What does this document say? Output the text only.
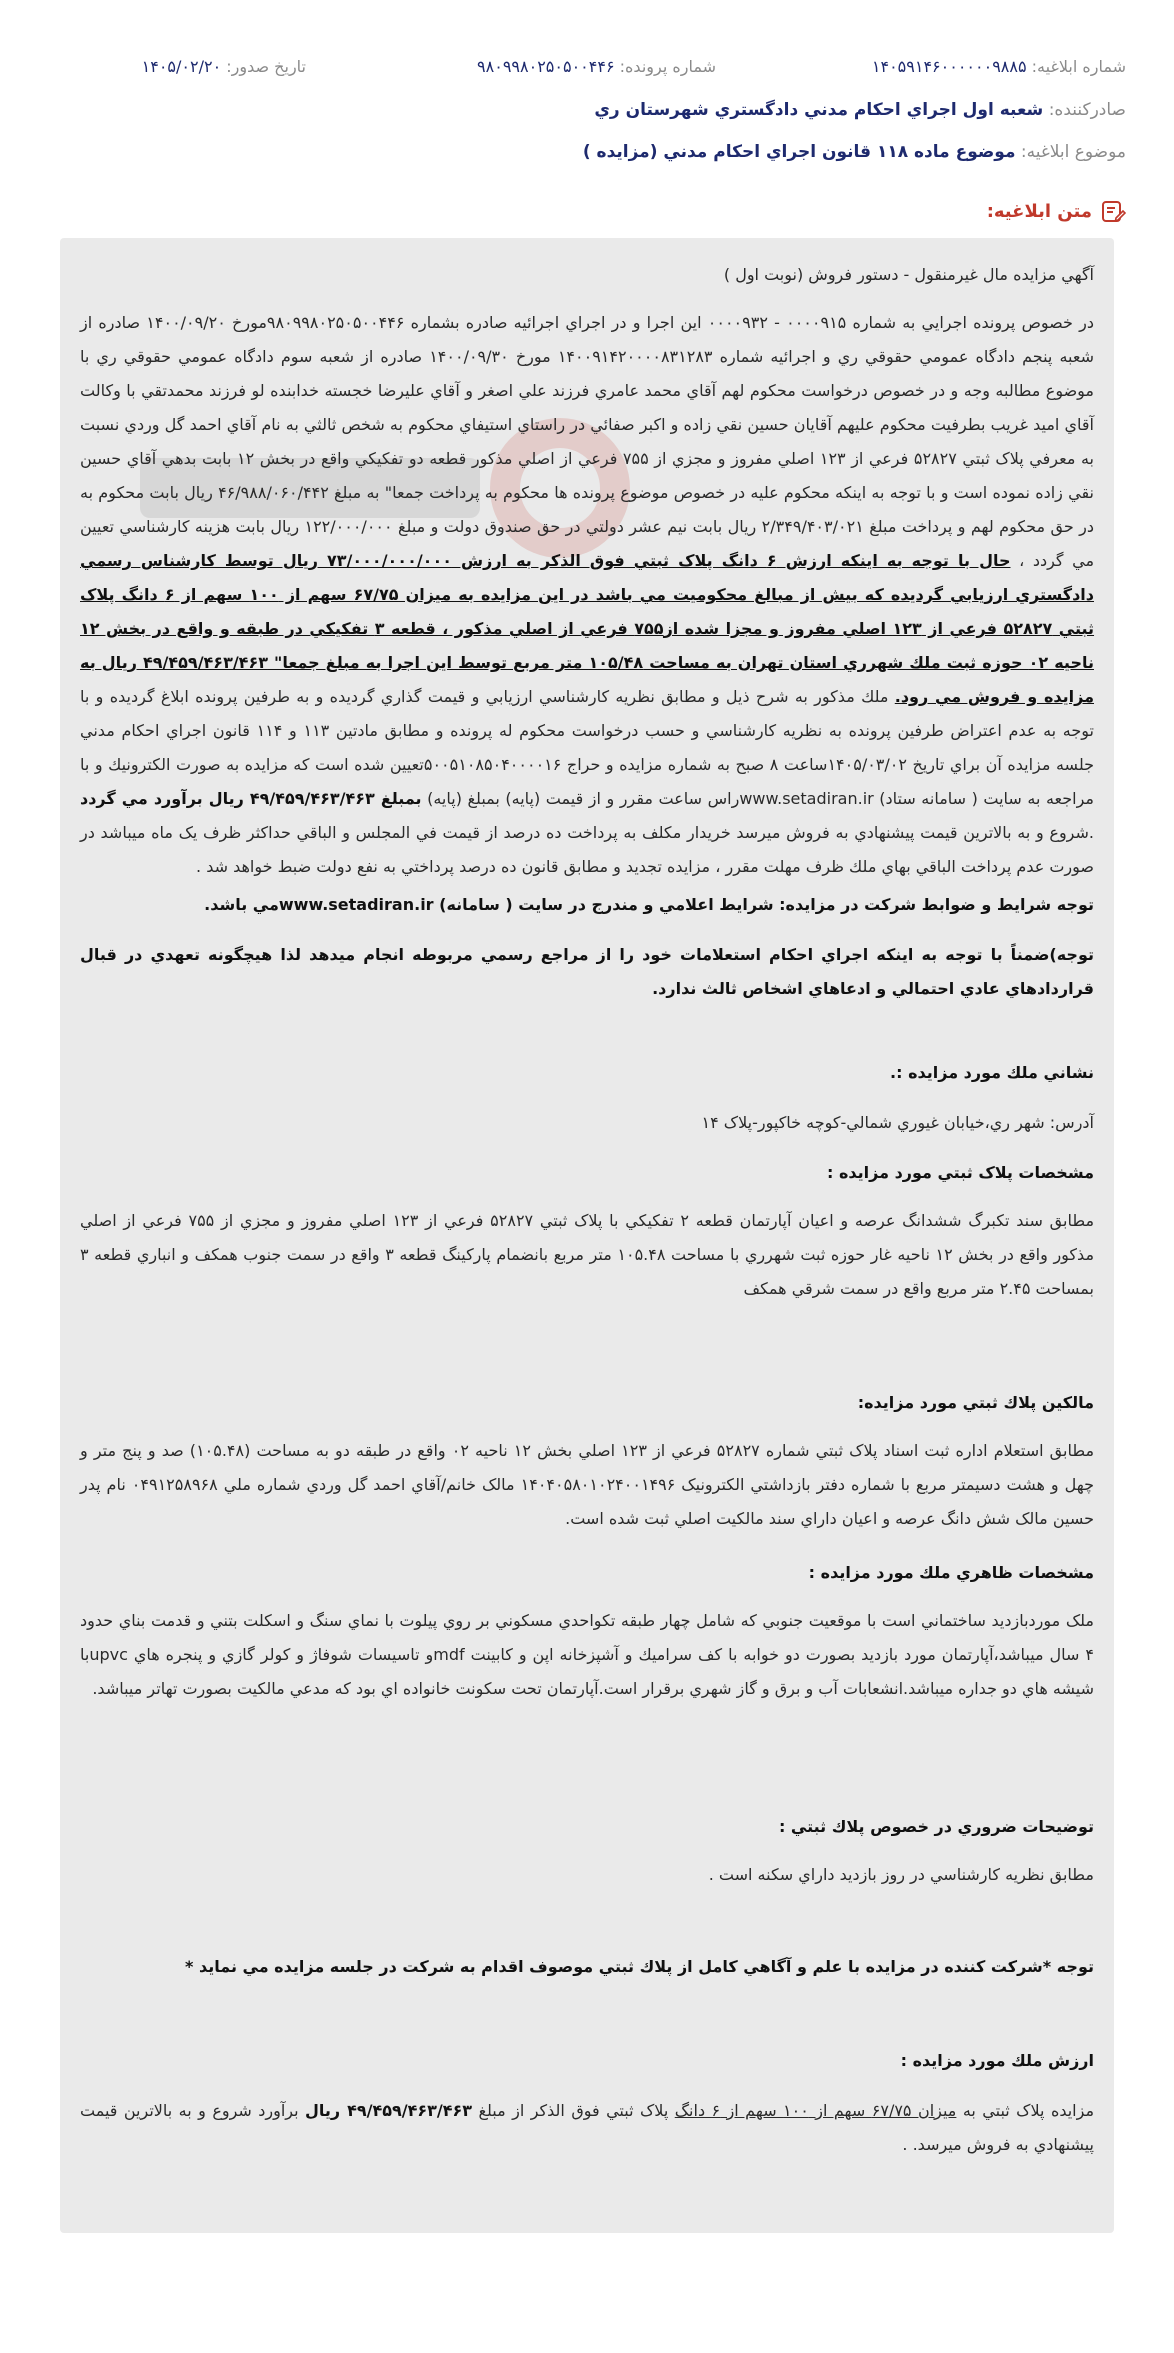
شماره ابلاغيه: ۱۴۰۵۹۱۴۶۰۰۰۰۰۰۹۸۸۵
شماره پرونده: ۹۸۰۹۹۸۰۲۵۰۵۰۰۴۴۶
تاريخ صدور: ۱۴۰۵/۰۲/۲۰
صادرکننده: شعبه اول اجراي احكام مدني دادگستري شهرستان ري
موضوع ابلاغيه: موضوع ماده ۱۱۸ قانون اجراي احكام مدني (مزايده )
متن ابلاغيه:

آگهي مزايده مال غيرمنقول - دستور فروش (نوبت اول )

در خصوص پرونده اجرايي به شماره ۰۰۰۰۹۱۵ - ۰۰۰۰۹۳۲ اين اجرا و در اجراي اجرائيه صادره بشماره ۹۸۰۹۹۸۰۲۵۰۵۰۰۴۴۶مورخ ۱۴۰۰/۰۹/۲۰ صادره از شعبه پنجم دادگاه عمومي حقوقي ري و اجرائيه شماره ۱۴۰۰۹۱۴۲۰۰۰۰۸۳۱۲۸۳ مورخ ۱۴۰۰/۰۹/۳۰ صادره از شعبه سوم دادگاه عمومي حقوقي ري با موضوع مطالبه وجه و در خصوص درخواست محكوم لهم آقاي محمد عامري فرزند علي اصغر و آقاي عليرضا خجسته خدابنده لو فرزند محمدتقي با وكالت آقاي اميد غريب بطرفيت محكوم عليهم آقايان حسين نقي زاده و اكبر صفائي در راستاي استيفاي محكوم به شخص ثالثي به نام آقاي احمد گل وردي نسبت به معرفي پلاک ثبتي ۵۲۸۲۷ فرعي از ۱۲۳ اصلي مفروز و مجزي از ۷۵۵ فرعي از اصلي مذکور قطعه دو تفکيکي واقع در بخش ۱۲ بابت بدهي آقاي حسين نقي زاده نموده است و با توجه به اينكه محكوم عليه در خصوص موضوع پرونده ها محكوم به پرداخت جمعا" به مبلغ ۴۶/۹۸۸/۰۶۰/۴۴۲ ريال بابت محكوم به در حق محكوم لهم و پرداخت مبلغ ۲/۳۴۹/۴۰۳/۰۲۱ ريال بابت نيم عشر دولتي در حق صندوق دولت و مبلغ ۱۲۲/۰۰۰/۰۰۰ ريال بابت هزينه كارشناسي تعيين مي گردد ، حال با توجه به اينكه ارزش ۶ دانگ پلاک ثبتي فوق الذکر به ارزش ۷۳/۰۰۰/۰۰۰/۰۰۰ ريال توسط كارشناس رسمي دادگستري ارزيابي گرديده که بيش از مبالغ محکوميت مي باشد در اين مزايده به ميزان ۶۷/۷۵ سهم از ۱۰۰ سهم از ۶ دانگ پلاک ثبتي ۵۲۸۲۷ فرعي از ۱۲۳ اصلي مفروز و مجزا شده از۷۵۵ فرعي از اصلي مذکور ، قطعه ۳ تفکيکي در طبقه و واقع در بخش ۱۲ ناحيه ۰۲ حوزه ثبت ملك شهرري استان تهران به مساحت ۱۰۵/۴۸ متر مربع توسط اين اجرا به مبلغ جمعا" ۴۹/۴۵۹/۴۶۳/۴۶۳ ريال به مزايده و فروش مي رود. ملك مذكور به شرح ذيل و مطابق نظريه كارشناسي ارزيابي و قيمت گذاري گرديده و به طرفين پرونده ابلاغ گرديده و با توجه به عدم اعتراض طرفين پرونده به نظريه كارشناسي و حسب درخواست محكوم له پرونده و مطابق مادتين ۱۱۳ و ۱۱۴ قانون اجراي احكام مدني جلسه مزايده آن براي تاريخ ۱۴۰۵/۰۳/۰۲ساعت ۸ صبح به شماره مزايده و حراج ۵۰۰۵۱۰۸۵۰۴۰۰۰۰۱۶تعيين شده است كه مزايده به صورت الكترونيك و با مراجعه به سايت ( سامانه ستاد) www.setadiran.irراس ساعت مقرر و از قيمت (پايه) بمبلغ (پايه) بمبلغ ۴۹/۴۵۹/۴۶۳/۴۶۳ ريال برآورد مي گردد .شروع و به بالاترين قيمت پيشنهادي به فروش ميرسد خريدار مكلف به پرداخت ده درصد از قيمت في المجلس و الباقي حداكثر ظرف يک ماه ميباشد در صورت عدم پرداخت الباقي بهاي ملك ظرف مهلت مقرر ، مزايده تجديد و مطابق قانون ده درصد پرداختي به نفع دولت ضبط خواهد شد .

توجه شرايط و ضوابط شركت در مزايده: شرايط اعلامي و مندرج در سايت ( سامانه) www.setadiran.irمي باشد.

توجه)ضمناً با توجه به اينكه اجراي احكام استعلامات خود را از مراجع رسمي مربوطه انجام ميدهد لذا هيچگونه تعهدي در قبال قراردادهاي عادي احتمالي و ادعاهاي اشخاص ثالث ندارد.

نشاني ملك مورد مزايده :.

آدرس: شهر ري،خيابان غيوري شمالي-کوچه خاکپور-پلاک ۱۴

مشخصات پلاک ثبتي مورد مزايده :

مطابق سند تکبرگ ششدانگ عرصه و اعيان آپارتمان قطعه ۲ تفکيکي با پلاک ثبتي ۵۲۸۲۷ فرعي از ۱۲۳ اصلي مفروز و مجزي از ۷۵۵ فرعي از اصلي مذکور واقع در بخش ۱۲ ناحيه غار حوزه ثبت شهرري با مساحت ۱۰۵.۴۸ متر مربع بانضمام پارکينگ قطعه ۳ واقع در سمت جنوب همکف و انباري قطعه ۳ بمساحت ۲.۴۵ متر مربع واقع در سمت شرقي همکف

مالكين پلاك ثبتي مورد مزايده:

مطابق استعلام اداره ثبت اسناد پلاک ثبتي شماره ۵۲۸۲۷ فرعي از ۱۲۳ اصلي بخش ۱۲ ناحيه ۰۲ واقع در طبقه دو به مساحت (۱۰۵.۴۸) صد و پنج متر و چهل و هشت دسيمتر مربع با شماره دفتر بازداشتي الکترونيک ۱۴۰۴۰۵۸۰۱۰۲۴۰۰۱۴۹۶ مالک خانم/آقاي احمد گل وردي شماره ملي ۰۴۹۱۲۵۸۹۶۸ نام پدر حسين مالک شش دانگ عرصه و اعيان داراي سند مالکيت اصلي ثبت شده است.

مشخصات ظاهري ملك مورد مزايده :

ملک موردبازديد ساختماني است با موقعيت جنوبي كه شامل چهار طبقه تكواحدي مسكوني بر روي پيلوت با نماي سنگ و اسكلت بتني و قدمت بناي حدود ۴ سال ميباشد،آپارتمان مورد بازديد بصورت دو خوابه با كف سراميك و آشپزخانه اپن و كابينت mdfو تاسيسات شوفاژ و كولر گازي و پنجره هاي upvcبا شيشه هاي دو جداره ميباشد.انشعابات آب و برق و گاز شهري برقرار است.آپارتمان تحت سكونت خانواده اي بود كه مدعي مالكيت بصورت تهاتر ميباشد.

توضيحات ضروري در خصوص پلاك ثبتي :

مطابق نظريه كارشناسي در روز بازديد داراي سكنه است .

توجه *شركت كننده در مزايده با علم و آگاهي كامل از پلاك ثبتي موصوف اقدام به شركت در جلسه مزايده مي نمايد *

ارزش ملك مورد مزايده :

مزايده پلاک ثبتي به ميزان ۶۷/۷۵ سهم از ۱۰۰ سهم از ۶ دانگ پلاک ثبتي فوق الذکر از مبلغ ۴۹/۴۵۹/۴۶۳/۴۶۳ ريال برآورد شروع و به بالاترين قيمت پيشنهادي به فروش ميرسد. .
